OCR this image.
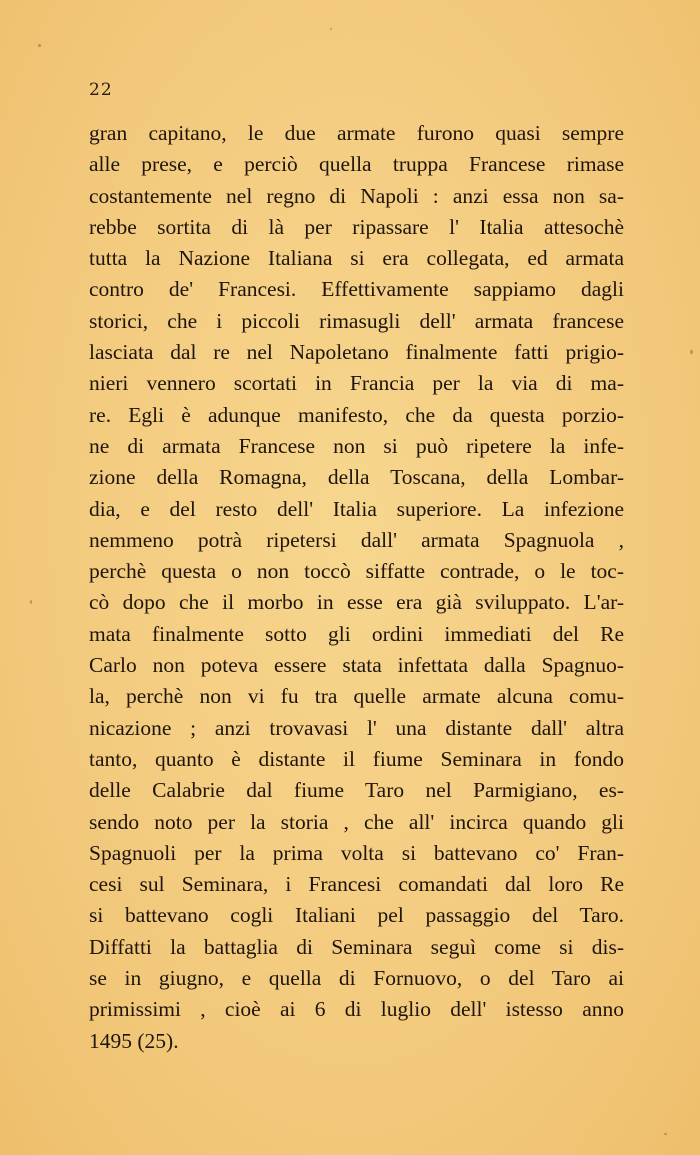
22
gran capitano, le due armate furono quasi sempre
alle prese, e perciò quella truppa Francese rimase
costantemente nel regno di Napoli : anzi essa non sa-
rebbe sortita di là per ripassare l' Italia attesochè
tutta la Nazione Italiana si era collegata, ed armata
contro de' Francesi. Effettivamente sappiamo dagli
storici, che i piccoli rimasugli dell' armata francese
lasciata dal re nel Napoletano finalmente fatti prigio-
nieri vennero scortati in Francia per la via di ma-
re. Egli è adunque manifesto, che da questa porzio-
ne di armata Francese non si può ripetere la infe-
zione della Romagna, della Toscana, della Lombar-
dia, e del resto dell' Italia superiore. La infezione
nemmeno potrà ripetersi dall' armata Spagnuola ,
perchè questa o non toccò siffatte contrade, o le toc-
cò dopo che il morbo in esse era già sviluppato. L'ar-
mata finalmente sotto gli ordini immediati del Re
Carlo non poteva essere stata infettata dalla Spagnuo-
la, perchè non vi fu tra quelle armate alcuna comu-
nicazione ; anzi trovavasi l' una distante dall' altra
tanto, quanto è distante il fiume Seminara in fondo
delle Calabrie dal fiume Taro nel Parmigiano, es-
sendo noto per la storia , che all' incirca quando gli
Spagnuoli per la prima volta si battevano co' Fran-
cesi sul Seminara, i Francesi comandati dal loro Re
si battevano cogli Italiani pel passaggio del Taro.
Diffatti la battaglia di Seminara seguì come si dis-
se in giugno, e quella di Fornuovo, o del Taro ai
primissimi , cioè ai 6 di luglio dell' istesso anno
1495 (25).
